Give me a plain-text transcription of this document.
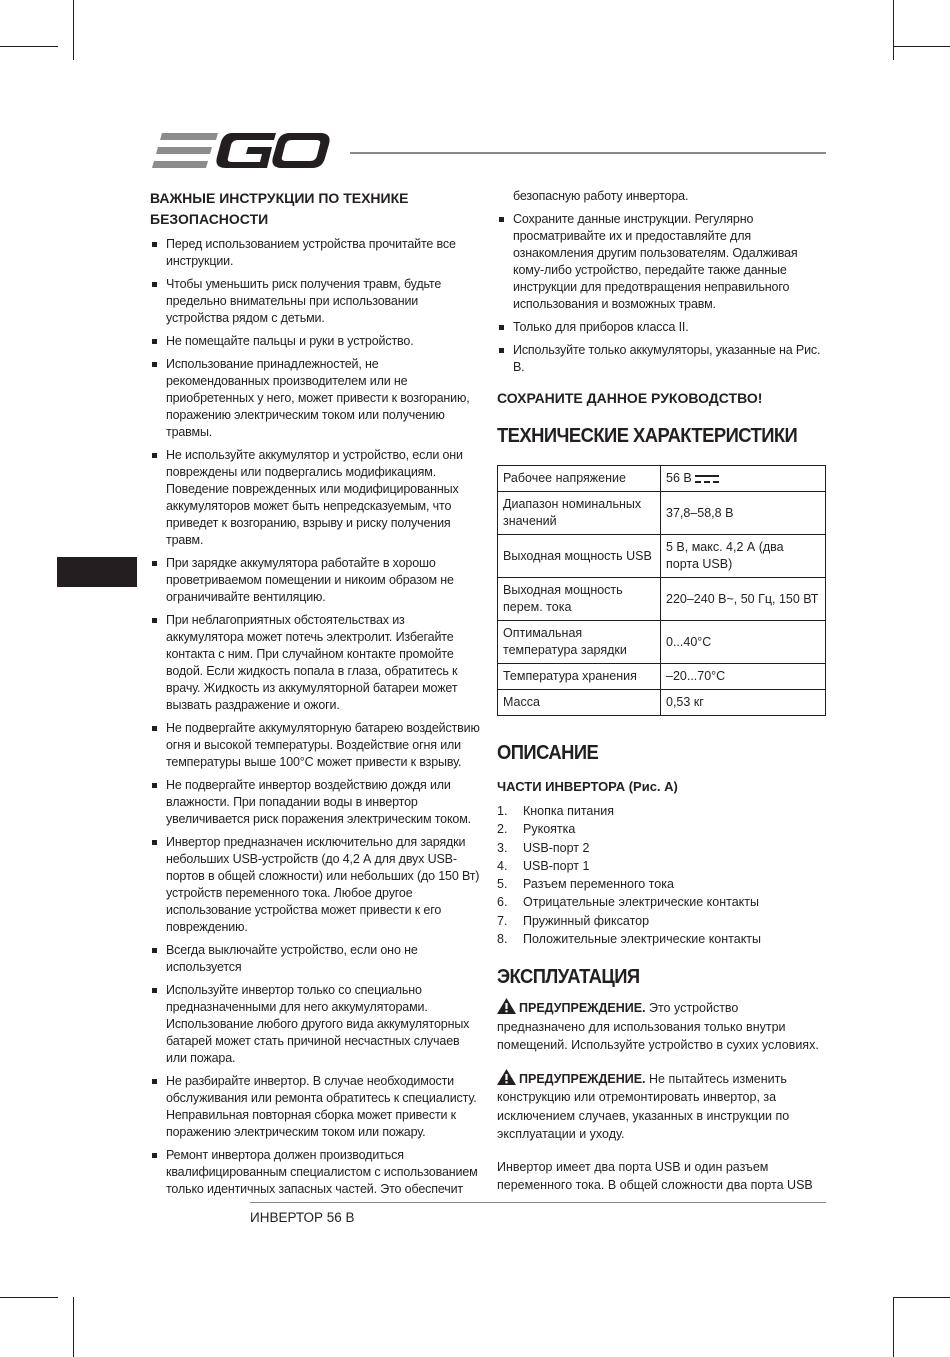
ВАЖНЫЕ ИНСТРУКЦИИ ПО ТЕХНИКЕ БЕЗОПАСНОСТИ
Перед использованием устройства прочитайте все инструкции.
Чтобы уменьшить риск получения травм, будьте предельно внимательны при использовании устройства рядом с детьми.
Не помещайте пальцы и руки в устройство.
Использование принадлежностей, не рекомендованных производителем или не приобретенных у него, может привести к возгоранию, поражению электрическим током или получению травмы.
Не используйте аккумулятор и устройство, если они повреждены или подвергались модификациям. Поведение поврежденных или модифицированных аккумуляторов может быть непредсказуемым, что приведет к возгоранию, взрыву и риску получения травм.
При зарядке аккумулятора работайте в хорошо проветриваемом помещении и никоим образом не ограничивайте вентиляцию.
При неблагоприятных обстоятельствах из аккумулятора может потечь электролит. Избегайте контакта с ним. При случайном контакте промойте водой. Если жидкость попала в глаза, обратитесь к врачу. Жидкость из аккумуляторной батареи может вызвать раздражение и ожоги.
Не подвергайте аккумуляторную батарею воздействию огня и высокой температуры. Воздействие огня или температуры выше 100°C может привести к взрыву.
Не подвергайте инвертор воздействию дождя или влажности. При попадании воды в инвертор увеличивается риск поражения электрическим током.
Инвертор предназначен исключительно для зарядки небольших USB-устройств (до 4,2 А для двух USB-портов в общей сложности) или небольших (до 150 Вт) устройств переменного тока. Любое другое использование устройства может привести к его повреждению.
Всегда выключайте устройство, если оно не используется
Используйте инвертор только со специально предназначенными для него аккумуляторами. Использование любого другого вида аккумуляторных батарей может стать причиной несчастных случаев или пожара.
Не разбирайте инвертор. В случае необходимости обслуживания или ремонта обратитесь к специалисту. Неправильная повторная сборка может привести к поражению электрическим током или пожару.
Ремонт инвертора должен производиться квалифицированным специалистом с использованием только идентичных запасных частей. Это обеспечит
безопасную работу инвертора.
Сохраните данные инструкции. Регулярно просматривайте их и предоставляйте для ознакомления другим пользователям. Одалживая кому-либо устройство, передайте также данные инструкции для предотвращения неправильного использования и возможных травм.
Только для приборов класса II.
Используйте только аккумуляторы, указанные на Рис. B.
СОХРАНИТЕ ДАННОЕ РУКОВОДСТВО!
ТЕХНИЧЕСКИЕ ХАРАКТЕРИСТИКИ
Рабочее напряжение	56 В
Диапазон номинальных значений	37,8–58,8 В
Выходная мощность USB	5 В, макс. 4,2 А (два порта USB)
Выходная мощность перем. тока	220–240 В~, 50 Гц, 150 ВТ
Оптимальная температура зарядки	0...40°C
Температура хранения	–20...70°C
Масса	0,53 кг
ОПИСАНИЕ
ЧАСТИ ИНВЕРТОРА (Рис. A)
1.	Кнопка питания
2.	Рукоятка
3.	USB-порт 2
4.	USB-порт 1
5.	Разъем переменного тока
6.	Отрицательные электрические контакты
7.	Пружинный фиксатор
8.	Положительные электрические контакты
ЭКСПЛУАТАЦИЯ

ПРЕДУПРЕЖДЕНИЕ. Это устройство предназначено для использования только внутри помещений. Используйте устройство в сухих условиях.

ПРЕДУПРЕЖДЕНИЕ. Не пытайтесь изменить конструкцию или отремонтировать инвертор, за исключением случаев, указанных в инструкции по эксплуатации и уходу.

Инвертор имеет два порта USB и один разъем переменного тока. В общей сложности два порта USB

ИНВЕРТОР 56 В
